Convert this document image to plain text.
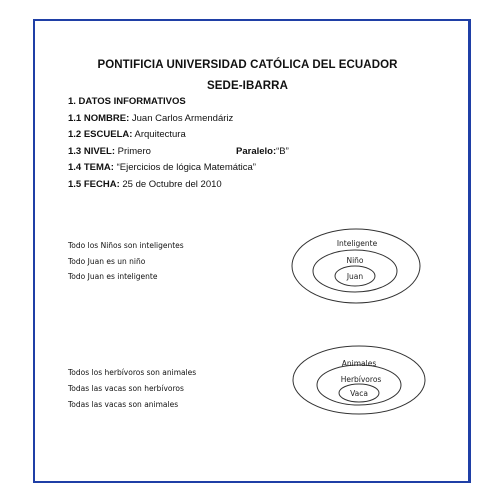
PONTIFICIA UNIVERSIDAD CATÓLICA DEL ECUADOR
SEDE-IBARRA
1. DATOS INFORMATIVOS
1.1 NOMBRE: Juan Carlos Armendáriz
1.2 ESCUELA: Arquitectura
1.3 NIVEL: Primero	Paralelo:“B”
1.4 TEMA: “Ejercicios de lógica Matemática”
1.5 FECHA: 25 de Octubre del 2010
Todo los Niños son inteligentes
Todo Juan es un niño
Todo Juan es inteligente
Todos los herbívoros son animales
Todas las vacas son herbívoros
Todas las vacas son animales
Inteligente
Niño
Juan
Animales
Herbívoros
Vaca
